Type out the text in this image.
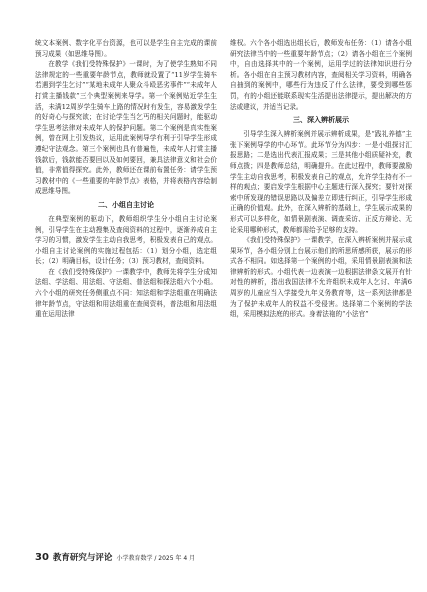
统文本案例、数字化平台资源，也可以是学生自主完成的课前预习成果（如思维导图）。

在教学《我们受特殊保护》一课时，为了使学生熟知不同法律规定的一些重要年龄节点，教师就设置了“11岁学生骑车若遇到学生乞讨”“某地未成年人聚众斗殴恶劣事件”“未成年人打赏主播钱款”三个典型案例来导学。第一个案例贴近学生生活，未满12周岁学生骑车上路的情况时有发生，容易激发学生的好奇心与探究欲；在讨论学生当乞丐的相关问题时，能驱动学生思考法律对未成年人的保护问题。第二个案例是真实性案例，曾在网上引发热议，运用此案例导学有利于引导学生形成遵纪守法观念。第三个案例也具有普遍性，未成年人打赏主播钱款后，钱款能否要回以及如何要回，兼具法律意义和社会价值，非常值得探究。此外，教师还在课前布置任务：请学生预习教材中的《一些重要的年龄节点》表格，并将表格内容绘制成思维导图。

二、小组自主讨论

在典型案例的驱动下，教师组织学生分小组自主讨论案例，引导学生在主动搜集及查阅资料的过程中，逐渐养成自主学习的习惯，激发学生主动自我思考，积极发表自己的观点。小组自主讨论案例的实施过程包括：（1）划分小组，选定组长；（2）明确目标，设计任务；（3）预习教材，查阅资料。

在《我们受特殊保护》一课教学中，教师先将学生分成知法组、学法组、用法组、守法组、普法组和探法组六个小组。六个小组的研究任务侧重点不同：知法组和学法组重在明确法律年龄节点，守法组和用法组重在查阅资料，普法组和用法组重在运用法律

维权。六个各小组选出组长后，教师发布任务：（1）请各小组研究法律当中的一些重要年龄节点；（2）请各小组在三个案例中，自由选择其中的一个案例，运用学过的法律知识进行分析。各小组在自主预习教材内容，查阅相关学习资料，明确各自抽到的案例中，哪些行为违反了什么法律，要受到哪些惩罚，有的小组还能联系现实生活提出法律提示，提出解决的方法或建议，并适当记录。

三、深入辨析展示

引导学生深入辨析案例并展示辨析成果，是“践礼养德”主张下案例导学的中心环节。此环节分为四步：一是小组探讨汇报思路；二是选出代表汇报成果；三是其他小组质疑补充，教师点拨；四是教师总结，明确提升。在此过程中，教师要激励学生主动自我思考，积极发表自己的观点，允许学生持有不一样的观点；要启发学生根据中心主题进行深入探究；要针对探索中所发现的错误思路以及偏差立即进行纠正，引导学生形成正确的价值观。此外，在深入辨析的基础上，学生展示成果的形式可以多样化，如情景剧表演、调查采访、正反方辩论、无论采用哪种形式，教师都需给予足够的支持。

《我们受特殊保护》一课教学，在深入辨析案例并展示成果环节，各小组分别上台展示他们的所思所感所获，展示的形式各不相同。如选择第一个案例的小组，采用情景剧表演和法律辨析的形式。小组代表一边表演一边根据法律条文展开有针对性的辨析，指出我国法律不允许组织未成年人乞讨、年满6周岁的儿童应当入学接受九年义务教育等，这一系列法律都是为了保护未成年人的权益不受侵害。选择第二个案例的学法组，采用模拟法庭的形式。身着法袍的“小法官”

30 教育研究与评论 小学教育数学 / 2025 年 4 月
